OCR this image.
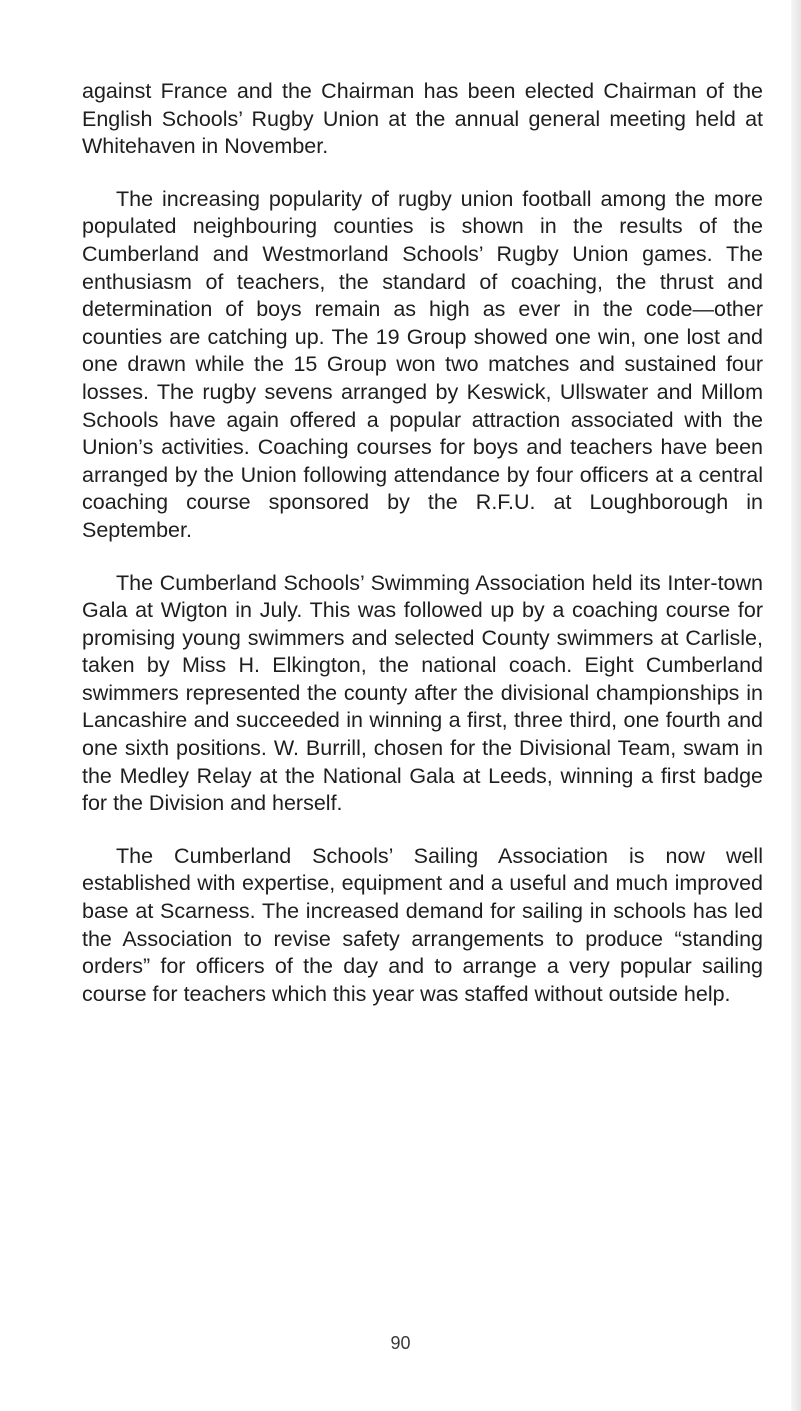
against France and the Chairman has been elected Chairman of the English Schools’ Rugby Union at the annual general meeting held at Whitehaven in November.

The increasing popularity of rugby union football among the more populated neighbouring counties is shown in the results of the Cumberland and Westmorland Schools’ Rugby Union games. The enthusiasm of teachers, the standard of coaching, the thrust and determination of boys remain as high as ever in the code—other counties are catching up. The 19 Group showed one win, one lost and one drawn while the 15 Group won two matches and sustained four losses. The rugby sevens arranged by Keswick, Ullswater and Millom Schools have again offered a popular attraction associated with the Union’s activities. Coaching courses for boys and teachers have been arranged by the Union following attendance by four officers at a central coaching course sponsored by the R.F.U. at Loughborough in September.

The Cumberland Schools’ Swimming Association held its Inter-town Gala at Wigton in July. This was followed up by a coaching course for promising young swimmers and selected County swimmers at Carlisle, taken by Miss H. Elkington, the national coach. Eight Cumberland swimmers represented the county after the divisional championships in Lancashire and succeeded in winning a first, three third, one fourth and one sixth positions. W. Burrill, chosen for the Divisional Team, swam in the Medley Relay at the National Gala at Leeds, winning a first badge for the Division and herself.

The Cumberland Schools’ Sailing Association is now well established with expertise, equipment and a useful and much improved base at Scarness. The increased demand for sailing in schools has led the Association to revise safety arrangements to produce “standing orders” for officers of the day and to arrange a very popular sailing course for teachers which this year was staffed without outside help.

90
